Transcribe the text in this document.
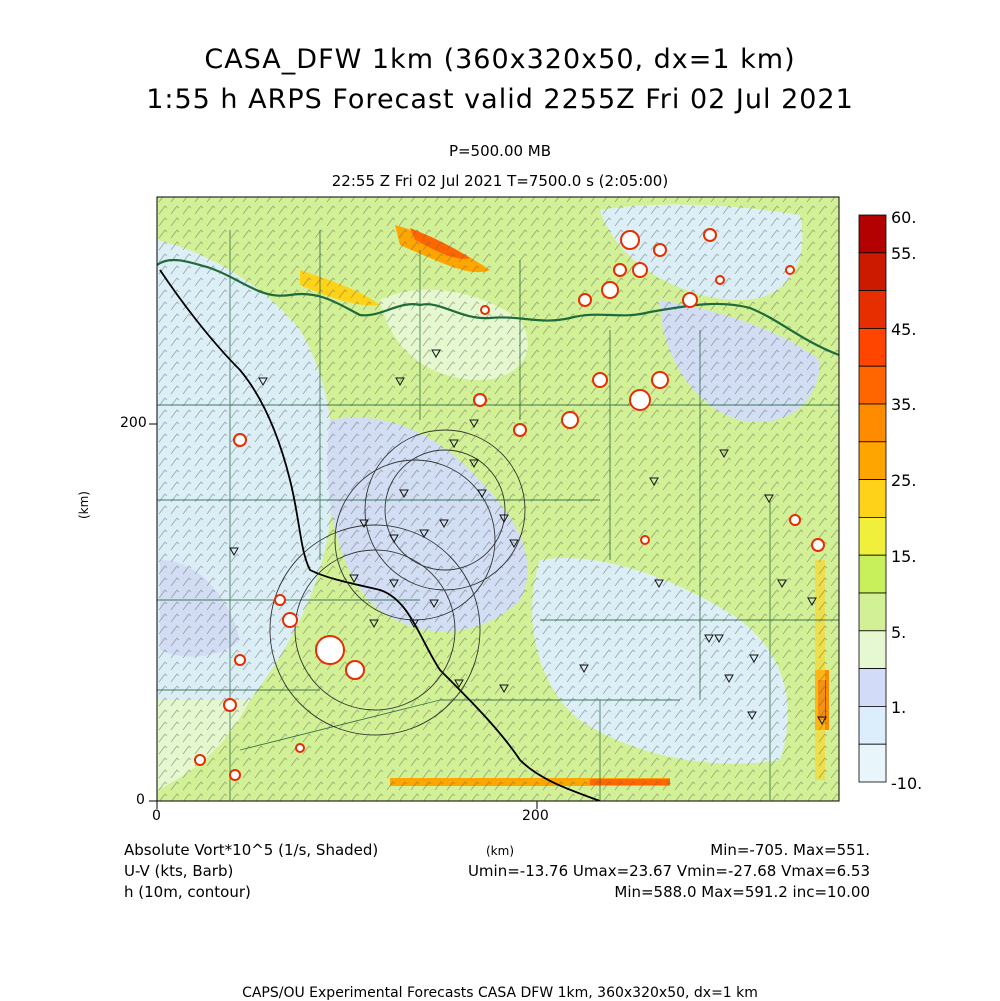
CASA_DFW 1km (360x320x50, dx=1 km)
1:55 h ARPS Forecast valid 2255Z Fri 02 Jul 2021
P=500.00 MB
22:55 Z Fri 02 Jul 2021 T=7500.0 s (2:05:00)
0	200
0
200
(km)
(km)
60.
55.
45.
35.
25.
15.
5.
1.
-10.
Absolute Vort*10^5 (1/s, Shaded)
U-V (kts, Barb)
h (10m, contour)
Min=-705. Max=551.
Umin=-13.76 Umax=23.67 Vmin=-27.68 Vmax=6.53
Min=588.0 Max=591.2 inc=10.00
CAPS/OU Experimental Forecasts CASA DFW 1km, 360x320x50, dx=1 km
